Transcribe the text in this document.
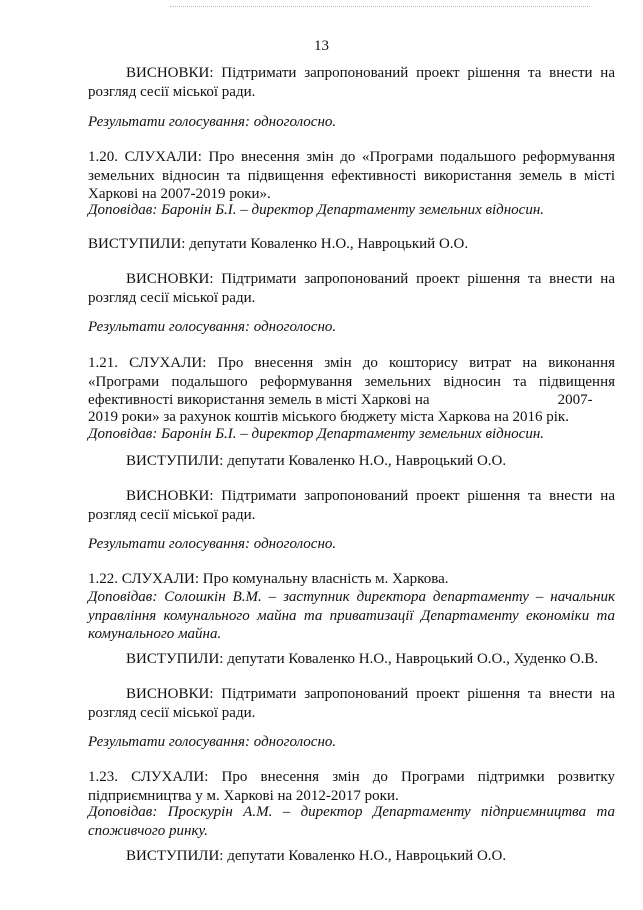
13
ВИСНОВКИ: Підтримати запропонований проект рішення та внести на розгляд сесії міської ради.
Результати голосування: одноголосно.
1.20. СЛУХАЛИ: Про внесення змін до «Програми подальшого реформування земельних відносин та підвищення ефективності використання земель в місті Харкові на 2007-2019 роки».
Доповідав: Баронін Б.І. – директор Департаменту земельних відносин.
ВИСТУПИЛИ: депутати Коваленко Н.О., Навроцький О.О.
ВИСНОВКИ: Підтримати запропонований проект рішення та внести на розгляд сесії міської ради.
Результати голосування: одноголосно.
1.21. СЛУХАЛИ: Про внесення змін до кошторису витрат на виконання «Програми подальшого реформування земельних відносин та підвищення ефективності використання земель в місті Харкові на	2007-
2019 роки» за рахунок коштів міського бюджету міста Харкова на 2016 рік.
Доповідав: Баронін Б.І. – директор Департаменту земельних відносин.
ВИСТУПИЛИ: депутати Коваленко Н.О., Навроцький О.О.
ВИСНОВКИ: Підтримати запропонований проект рішення та внести на розгляд сесії міської ради.
Результати голосування: одноголосно.
1.22. СЛУХАЛИ: Про комунальну власність м. Харкова.
Доповідав: Солошкін В.М. – заступник директора департаменту – начальник управління комунального майна та приватизації Департаменту економіки та комунального майна.
ВИСТУПИЛИ: депутати Коваленко Н.О., Навроцький О.О., Худенко О.В.
ВИСНОВКИ: Підтримати запропонований проект рішення та внести на розгляд сесії міської ради.
Результати голосування: одноголосно.
1.23. СЛУХАЛИ: Про внесення змін до Програми підтримки розвитку підприємництва у м. Харкові на 2012-2017 роки.
Доповідав: Проскурін А.М. – директор Департаменту підприємництва та споживчого ринку.
ВИСТУПИЛИ: депутати Коваленко Н.О., Навроцький О.О.
